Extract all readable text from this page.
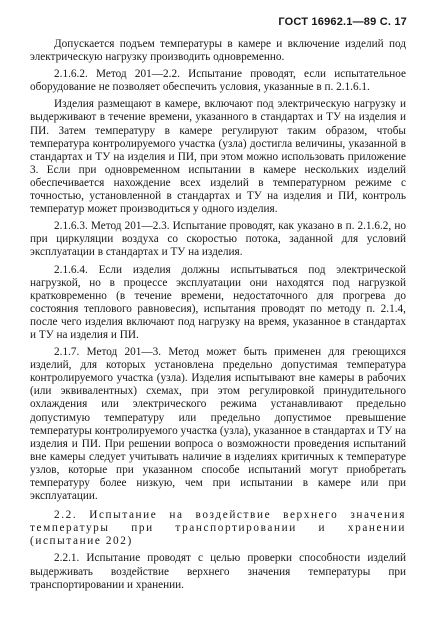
ГОСТ 16962.1—89 С. 17

Допускается подъем температуры в камере и включение изделий под электрическую нагрузку производить одновременно.

2.1.6.2. Метод 201—2.2. Испытание проводят, если испытательное оборудование не позволяет обеспечить условия, указанные в п. 2.1.6.1.

Изделия размещают в камере, включают под электрическую нагрузку и выдерживают в течение времени, указанного в стандартах и ТУ на изделия и ПИ. Затем температуру в камере регулируют таким образом, чтобы температура контролируемого участка (узла) достигла величины, указанной в стандартах и ТУ на изделия и ПИ, при этом можно использовать приложение 3. Если при одновременном испытании в камере нескольких изделий обеспечивается нахождение всех изделий в температурном режиме с точностью, установленной в стандартах и ТУ на изделия и ПИ, контроль температур может производиться у одного изделия.

2.1.6.3. Метод 201—2.3. Испытание проводят, как указано в п. 2.1.6.2, но при циркуляции воздуха со скоростью потока, заданной для условий эксплуатации в стандартах и ТУ на изделия.

2.1.6.4. Если изделия должны испытываться под электрической нагрузкой, но в процессе эксплуатации они находятся под нагрузкой кратковременно (в течение времени, недостаточного для прогрева до состояния теплового равновесия), испытания проводят по методу п. 2.1.4, после чего изделия включают под нагрузку на время, указанное в стандартах и ТУ на изделия и ПИ.

2.1.7. Метод 201—3. Метод может быть применен для греющихся изделий, для которых установлена предельно допустимая температура контролируемого участка (узла). Изделия испытывают вне камеры в рабочих (или эквивалентных) схемах, при этом регулировкой принудительного охлаждения или электрического режима устанавливают предельно допустимую температуру или предельно допустимое превышение температуры контролируемого участка (узла), указанное в стандартах и ТУ на изделия и ПИ. При решении вопроса о возможности проведения испытаний вне камеры следует учитывать наличие в изделиях критичных к температуре узлов, которые при указанном способе испытаний могут приобретать температуру более низкую, чем при испытании в камере или при эксплуатации.

2.2. Испытание на воздействие верхнего значения температуры при транспортировании и хранении (испытание 202)

2.2.1. Испытание проводят с целью проверки способности изделий выдерживать воздействие верхнего значения температуры при транспортировании и хранении.
